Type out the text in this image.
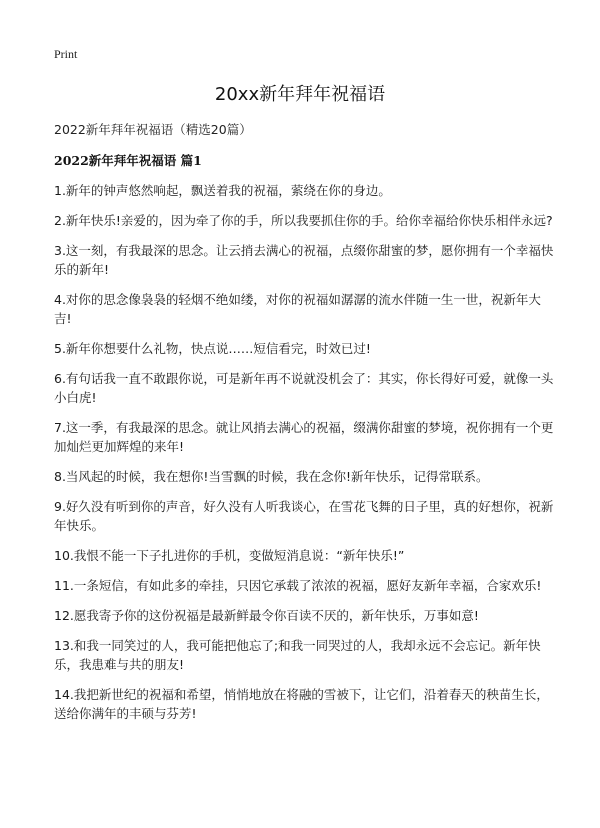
Print
20xx新年拜年祝福语
2022新年拜年祝福语（精选20篇）
2022新年拜年祝福语 篇1
1.新年的钟声悠然响起，飘送着我的祝福，萦绕在你的身边。
2.新年快乐!亲爱的，因为牵了你的手，所以我要抓住你的手。给你幸福给你快乐相伴永远?
3.这一刻，有我最深的思念。让云捎去满心的祝福，点缀你甜蜜的梦，愿你拥有一个幸福快乐的新年!
4.对你的思念像袅袅的轻烟不绝如缕，对你的祝福如潺潺的流水伴随一生一世，祝新年大吉!
5.新年你想要什么礼物，快点说……短信看完，时效已过!
6.有句话我一直不敢跟你说，可是新年再不说就没机会了：其实，你长得好可爱，就像一头小白虎!
7.这一季，有我最深的思念。就让风捎去满心的祝福，缀满你甜蜜的梦境，祝你拥有一个更加灿烂更加辉煌的来年!
8.当风起的时候，我在想你!当雪飘的时候，我在念你!新年快乐，记得常联系。
9.好久没有听到你的声音，好久没有人听我谈心，在雪花飞舞的日子里，真的好想你，祝新年快乐。
10.我恨不能一下子扎进你的手机，变做短消息说：“新年快乐!”
11.一条短信，有如此多的牵挂，只因它承载了浓浓的祝福，愿好友新年幸福，合家欢乐!
12.愿我寄予你的这份祝福是最新鲜最令你百读不厌的，新年快乐，万事如意!
13.和我一同笑过的人，我可能把他忘了;和我一同哭过的人，我却永远不会忘记。新年快乐，我患难与共的朋友!
14.我把新世纪的祝福和希望，悄悄地放在将融的雪被下，让它们，沿着春天的秧苗生长，送给你满年的丰硕与芬芳!
